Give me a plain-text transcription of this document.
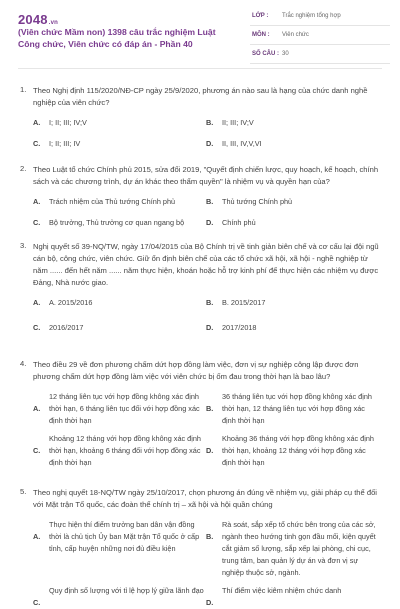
2048.vn
(Viên chức Mầm non) 1398 câu trắc nghiệm Luật Công chức, Viên chức có đáp án - Phần 40
LỚP : Trắc nghiệm tổng hợp
MÔN : Viên chức
SỐ CÂU : 30
1. Theo Nghị định 115/2020/NĐ-CP ngày 25/9/2020, phương án nào sau là hạng của chức danh nghề nghiệp của viên chức?
A. I; II; III; IV;V	B. II; III; IV;V
C. I; II; III; IV	D. II, III, IV,V,VI
2. Theo Luật tổ chức Chính phủ 2015, sửa đổi 2019, "Quyết định chiến lược, quy hoạch, kế hoạch, chính sách và các chương trình, dự án khác theo thẩm quyền" là nhiệm vụ và quyền hạn của?
A. Trách nhiệm của Thủ tướng Chính phủ	B. Thủ tướng Chính phủ
C. Bộ trưởng, Thủ trưởng cơ quan ngang bộ	D. Chính phủ
3. Nghị quyết số 39-NQ/TW, ngày 17/04/2015 của Bộ Chính trị về tinh giản biên chế và cơ cấu lại đội ngũ cán bộ, công chức, viên chức. Giữ ổn định biên chế của các tổ chức xã hội, xã hội - nghề nghiệp từ năm ...... đến hết năm ...... năm thực hiện, khoán hoặc hỗ trợ kinh phí để thực hiện các nhiệm vụ được Đảng, Nhà nước giao.
A. A. 2015/2016	B. B. 2015/2017
C. 2016/2017	D. 2017/2018
4. Theo điều 29 về đơn phương chấm dứt hợp đồng làm việc, đơn vị sự nghiệp công lập được đơn phương chấm dứt hợp đồng làm việc với viên chức bị ốm đau trong thời hạn là bao lâu?
A.
12 tháng liên tục với hợp đồng không xác định thời hạn, 6 tháng liên tục đối với hợp đồng xác định thời hạn
B.
36 tháng liên tục với hợp đồng không xác định thời hạn, 12 tháng liên tục với hợp đồng xác định thời hạn
C.
Khoảng 12 tháng với hợp đồng không xác định thời hạn, khoảng 6 tháng đối với hợp đồng xác định thời hạn
D.
Khoảng 36 tháng với hợp đồng không xác định thời hạn, khoảng 12 tháng với hợp đồng xác định thời hạn
5. Theo nghị quyết 18-NQ/TW ngày 25/10/2017, chọn phương án đúng về nhiệm vụ, giải pháp cụ thể đối với Mặt trận Tổ quốc, các đoàn thể chính trị – xã hội và hội quần chúng
A.
Thực hiện thí điểm trưởng ban dân vận đồng thời là chủ tịch Ủy ban Mặt trận Tổ quốc ở cấp tỉnh, cấp huyện những nơi đủ điều kiện
B.
Rà soát, sắp xếp tổ chức bên trong của các sở, ngành theo hướng tinh gọn đầu mối, kiện quyết cắt giảm số lượng, sắp xếp lại phòng, chi cục, trung tâm, ban quản lý dự án và đơn vị sự nghiệp thuộc sở, ngành.
C.
Quy định số lượng với tỉ lệ hợp lý giữa lãnh đạo
D.
Thí điểm việc kiêm nhiệm chức danh
